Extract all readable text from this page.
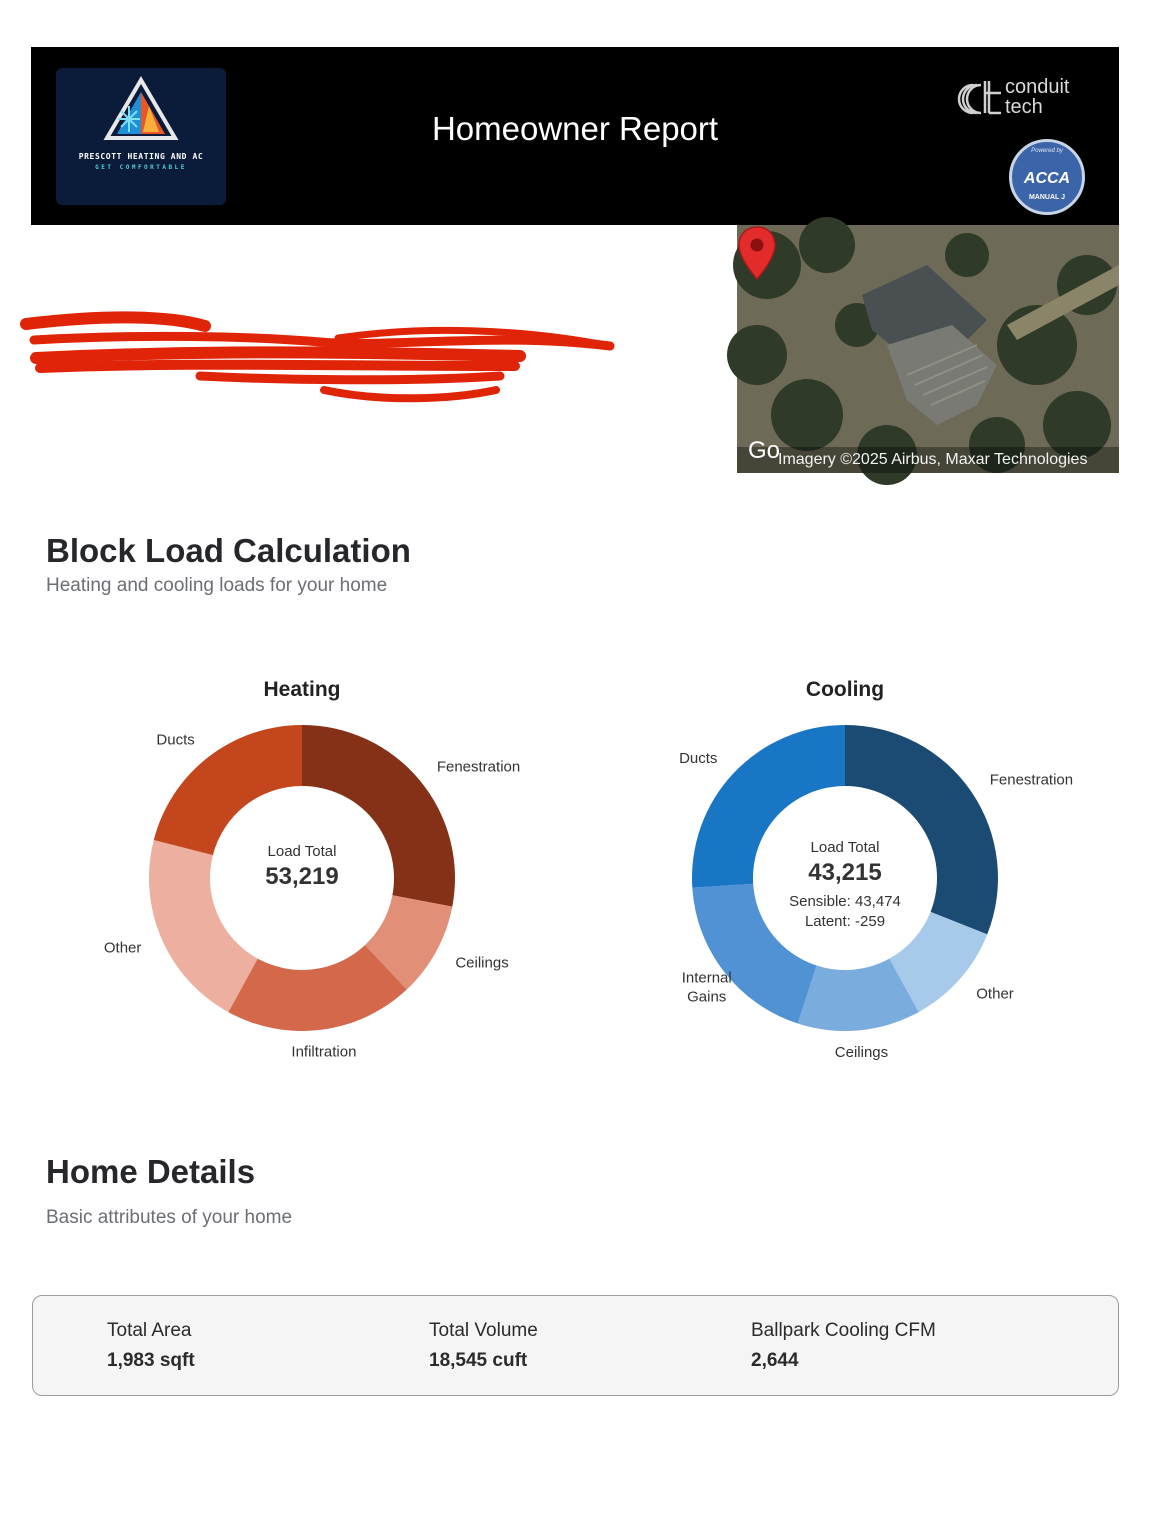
PRESCOTT HEATING AND AC
GET COMFORTABLE
Homeowner Report
conduit
tech
Powered by
ACCA
MANUAL J
Go
Imagery ©2025 Airbus, Maxar Technologies
Block Load Calculation
Heating and cooling loads for your home
Heating
Fenestration
Ceilings
Infiltration
Other
Ducts
Load Total
53,219
Cooling
Fenestration
Other
Ceilings
Internal Gains
Ducts
Load Total
43,215
Sensible: 43,474
Latent: -259
Home Details
Basic attributes of your home
Total Area
1,983 sqft
Total Volume
18,545 cuft
Ballpark Cooling CFM
2,644
